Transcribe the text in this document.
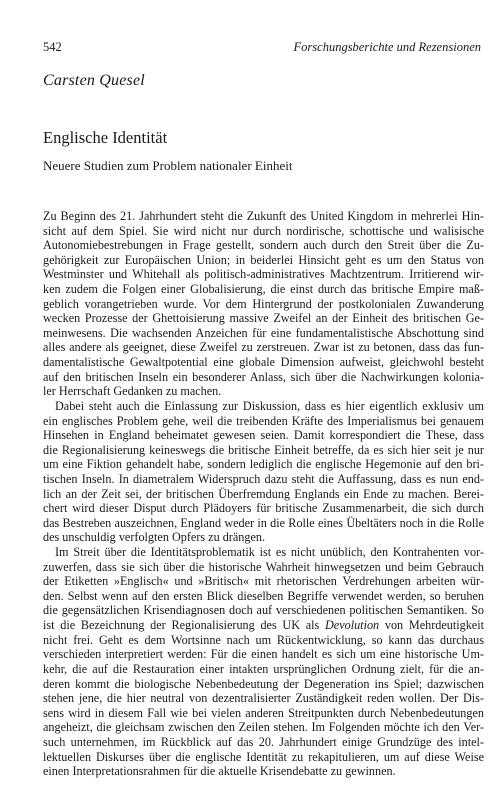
542	Forschungsberichte und Rezensionen
Carsten Quesel
Englische Identität
Neuere Studien zum Problem nationaler Einheit
Zu Beginn des 21. Jahrhundert steht die Zukunft des United Kingdom in mehrerlei Hin-
sicht auf dem Spiel. Sie wird nicht nur durch nordirische, schottische und walisische
Autonomiebestrebungen in Frage gestellt, sondern auch durch den Streit über die Zu-
gehörigkeit zur Europäischen Union; in beiderlei Hinsicht geht es um den Status von
Westminster und Whitehall als politisch-administratives Machtzentrum. Irritierend wir-
ken zudem die Folgen einer Globalisierung, die einst durch das britische Empire maß-
geblich vorangetrieben wurde. Vor dem Hintergrund der postkolonialen Zuwanderung
wecken Prozesse der Ghettoisierung massive Zweifel an der Einheit des britischen Ge-
meinwesens. Die wachsenden Anzeichen für eine fundamentalistische Abschottung sind
alles andere als geeignet, diese Zweifel zu zerstreuen. Zwar ist zu betonen, dass das fun-
damentalistische Gewaltpotential eine globale Dimension aufweist, gleichwohl besteht
auf den britischen Inseln ein besonderer Anlass, sich über die Nachwirkungen kolonia-
ler Herrschaft Gedanken zu machen.
Dabei steht auch die Einlassung zur Diskussion, dass es hier eigentlich exklusiv um
ein englisches Problem gehe, weil die treibenden Kräfte des Imperialismus bei genauem
Hinsehen in England beheimatet gewesen seien. Damit korrespondiert die These, dass
die Regionalisierung keineswegs die britische Einheit betreffe, da es sich hier seit je nur
um eine Fiktion gehandelt habe, sondern lediglich die englische Hegemonie auf den bri-
tischen Inseln. In diametralem Widerspruch dazu steht die Auffassung, dass es nun end-
lich an der Zeit sei, der britischen Überfremdung Englands ein Ende zu machen. Berei-
chert wird dieser Disput durch Plädoyers für britische Zusammenarbeit, die sich durch
das Bestreben auszeichnen, England weder in die Rolle eines Übeltäters noch in die Rolle
des unschuldig verfolgten Opfers zu drängen.
Im Streit über die Identitätsproblematik ist es nicht unüblich, den Kontrahenten vor-
zuwerfen, dass sie sich über die historische Wahrheit hinwegsetzen und beim Gebrauch
der Etiketten »Englisch« und »Britisch« mit rhetorischen Verdrehungen arbeiten wür-
den. Selbst wenn auf den ersten Blick dieselben Begriffe verwendet werden, so beruhen
die gegensätzlichen Krisendiagnosen doch auf verschiedenen politischen Semantiken. So
ist die Bezeichnung der Regionalisierung des UK als Devolution von Mehrdeutigkeit
nicht frei. Geht es dem Wortsinne nach um Rückentwicklung, so kann das durchaus
verschieden interpretiert werden: Für die einen handelt es sich um eine historische Um-
kehr, die auf die Restauration einer intakten ursprünglichen Ordnung zielt, für die an-
deren kommt die biologische Nebenbedeutung der Degeneration ins Spiel; dazwischen
stehen jene, die hier neutral von dezentralisierter Zuständigkeit reden wollen. Der Dis-
sens wird in diesem Fall wie bei vielen anderen Streitpunkten durch Nebenbedeutungen
angeheizt, die gleichsam zwischen den Zeilen stehen. Im Folgenden möchte ich den Ver-
such unternehmen, im Rückblick auf das 20. Jahrhundert einige Grundzüge des intel-
lektuellen Diskurses über die englische Identität zu rekapitulieren, um auf diese Weise
einen Interpretationsrahmen für die aktuelle Krisendebatte zu gewinnen.
